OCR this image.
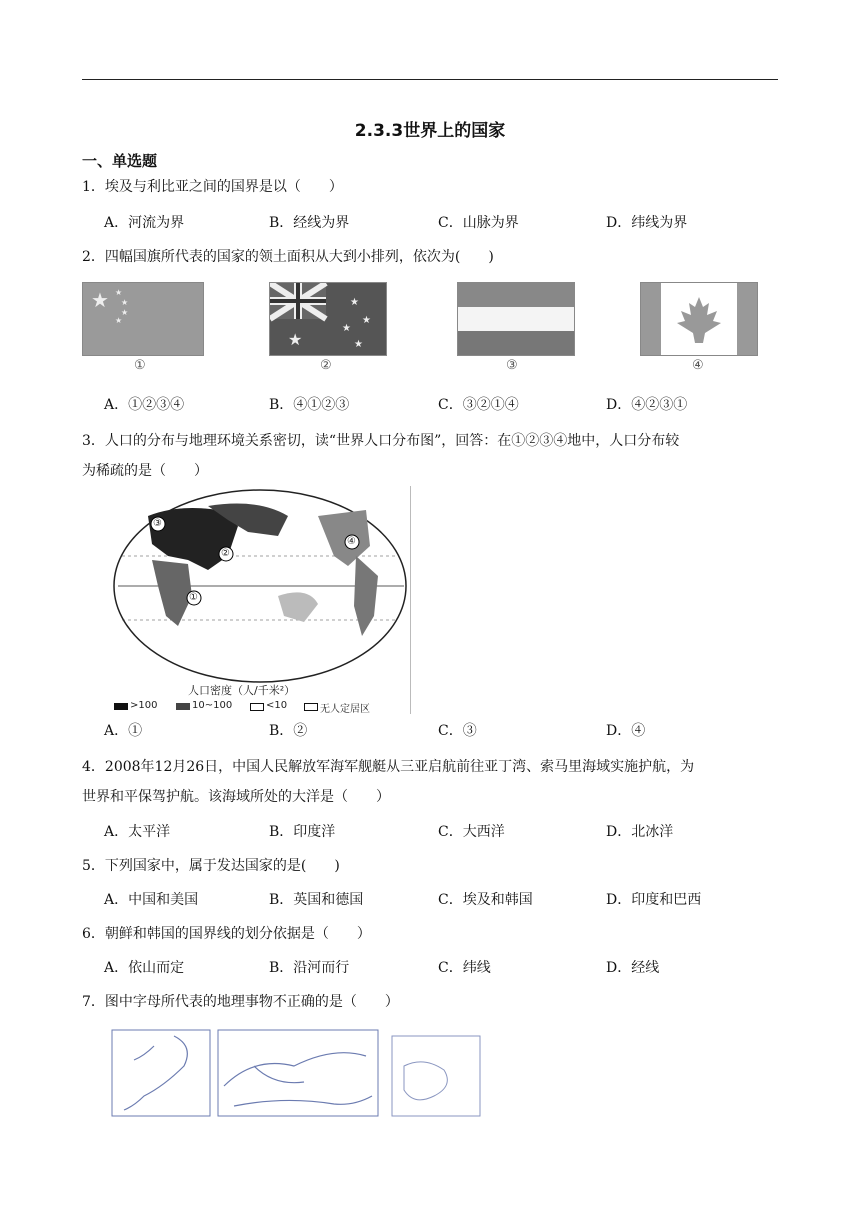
2.3.3世界上的国家
一、单选题
1．埃及与利比亚之间的国界是以（　　）
A．河流为界	B．经线为界	C．山脉为界	D．纬线为界
2．四幅国旗所代表的国家的领土面积从大到小排列，依次为(　　)
★ ★
★
★
★
①
★
★
★
★
★
②	③	④
A．①②③④	B．④①②③	C．③②①④	D．④②③①
3．人口的分布与地理环境关系密切，读“世界人口分布图”，回答：在①②③④地中，人口分布较
为稀疏的是（　　）
③
②
①
④
人口密度（人/千米²）
>100	10~100	<10	无人定居区
A．①	B．②	C．③	D．④
4．2008年12月26日，中国人民解放军海军舰艇从三亚启航前往亚丁湾、索马里海域实施护航，为
世界和平保驾护航。该海域所处的大洋是（　　）
A．太平洋	B．印度洋	C．大西洋	D．北冰洋
5．下列国家中，属于发达国家的是(　　)
A．中国和美国	B．英国和德国	C．埃及和韩国	D．印度和巴西
6．朝鲜和韩国的国界线的划分依据是（　　）
A．依山而定	B．沿河而行	C．纬线	D．经线
7．图中字母所代表的地理事物不正确的是（　　）
